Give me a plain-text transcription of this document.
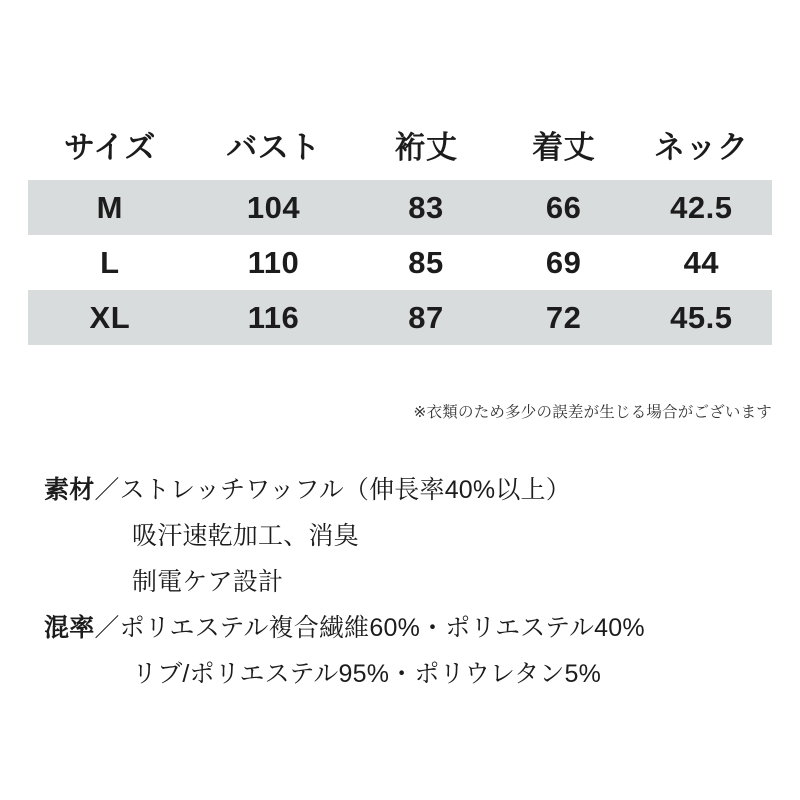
サイズ	バスト	裄丈	着丈	ネック
M	104	83	66	42.5
L	110	85	69	44
XL	116	87	72	45.5
※衣類のため多少の誤差が生じる場合がございます
素材／ストレッチワッフル（伸長率40%以上）
吸汗速乾加工、消臭
制電ケア設計
混率／ポリエステル複合繊維60%・ポリエステル40%
リブ/ポリエステル95%・ポリウレタン5%
